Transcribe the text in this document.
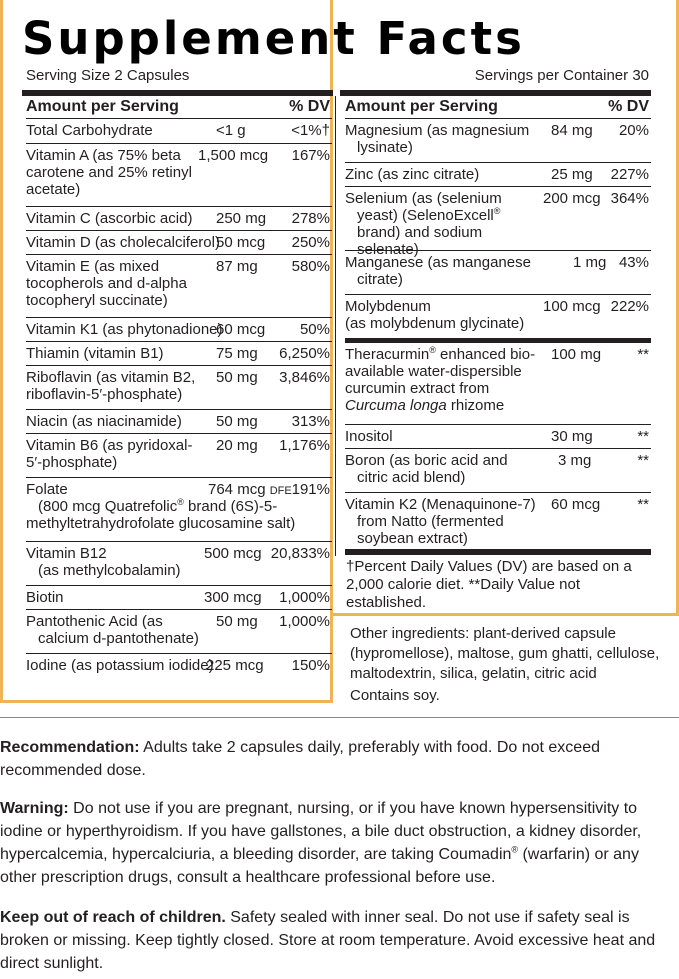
Supplement Facts
Serving Size 2 Capsules	Servings per Container 30
Amount per Serving	% DV
Total Carbohydrate	<1 g	<1%†
Vitamin A (as 75% beta carotene and 25% retinyl acetate)
1,500 mcg 167%
Vitamin C (ascorbic acid) 250 mg 278%
Vitamin D (as cholecalciferol)
50 mcg 250%
Vitamin E (as mixed tocopherols and d-alpha tocopheryl succinate)
87 mg 580%
Vitamin K1 (as phytonadione)
60 mcg 50%
Thiamin (vitamin B1)	75 mg 6,250%
Riboflavin (as vitamin B2, riboflavin-5′-phosphate)
50 mg 3,846%
Niacin (as niacinamide) 50 mg 313%
Vitamin B6 (as pyridoxal-5′-phosphate)
20 mg 1,176%
Folate	764 mcg DFE 191%
(800 mcg Quatrefolic® brand (6S)-5-methyltetrahydrofolate glucosamine salt)
Vitamin B12
(as methylcobalamin)
500 mcg 20,833%
Biotin	300 mcg 1,000%
Pantothenic Acid (as
calcium d-pantothenate)
50 mg 1,000%
Iodine (as potassium iodide)
225 mcg 150%
Amount per Serving	% DV
Magnesium (as magnesium
lysinate)
84 mg 20%
Zinc (as zinc citrate)	25 mg 227%
Selenium (as (selenium
yeast) (SelenoExcell® brand) and sodium selenate)
200 mcg 364%
Manganese (as manganese
citrate)
1 mg 43%
Molybdenum
(as molybdenum glycinate)
100 mcg 222%
Theracurmin® enhanced bio-available water-dispersible curcumin extract from Curcuma longa rhizome
100 mg **
Inositol	30 mg	**
Boron (as boric acid and
citric acid blend)
3 mg	**
Vitamin K2 (Menaquinone-7)
from Natto (fermented soybean extract)
60 mcg **
†Percent Daily Values (DV) are based on a 2,000 calorie diet. **Daily Value not established.
Other ingredients: plant-derived capsule (hypromellose), maltose, gum ghatti, cellulose, maltodextrin, silica, gelatin, citric acid
Contains soy.
Recommendation: Adults take 2 capsules daily, preferably with food. Do not exceed recommended dose.
Warning: Do not use if you are pregnant, nursing, or if you have known hypersensitivity to iodine or hyperthyroidism. If you have gallstones, a bile duct obstruction, a kidney disorder, hypercalcemia, hypercalciuria, a bleeding disorder, are taking Coumadin® (warfarin) or any other prescription drugs, consult a healthcare professional before use.
Keep out of reach of children. Safety sealed with inner seal. Do not use if safety seal is broken or missing. Keep tightly closed. Store at room temperature. Avoid excessive heat and direct sunlight.
